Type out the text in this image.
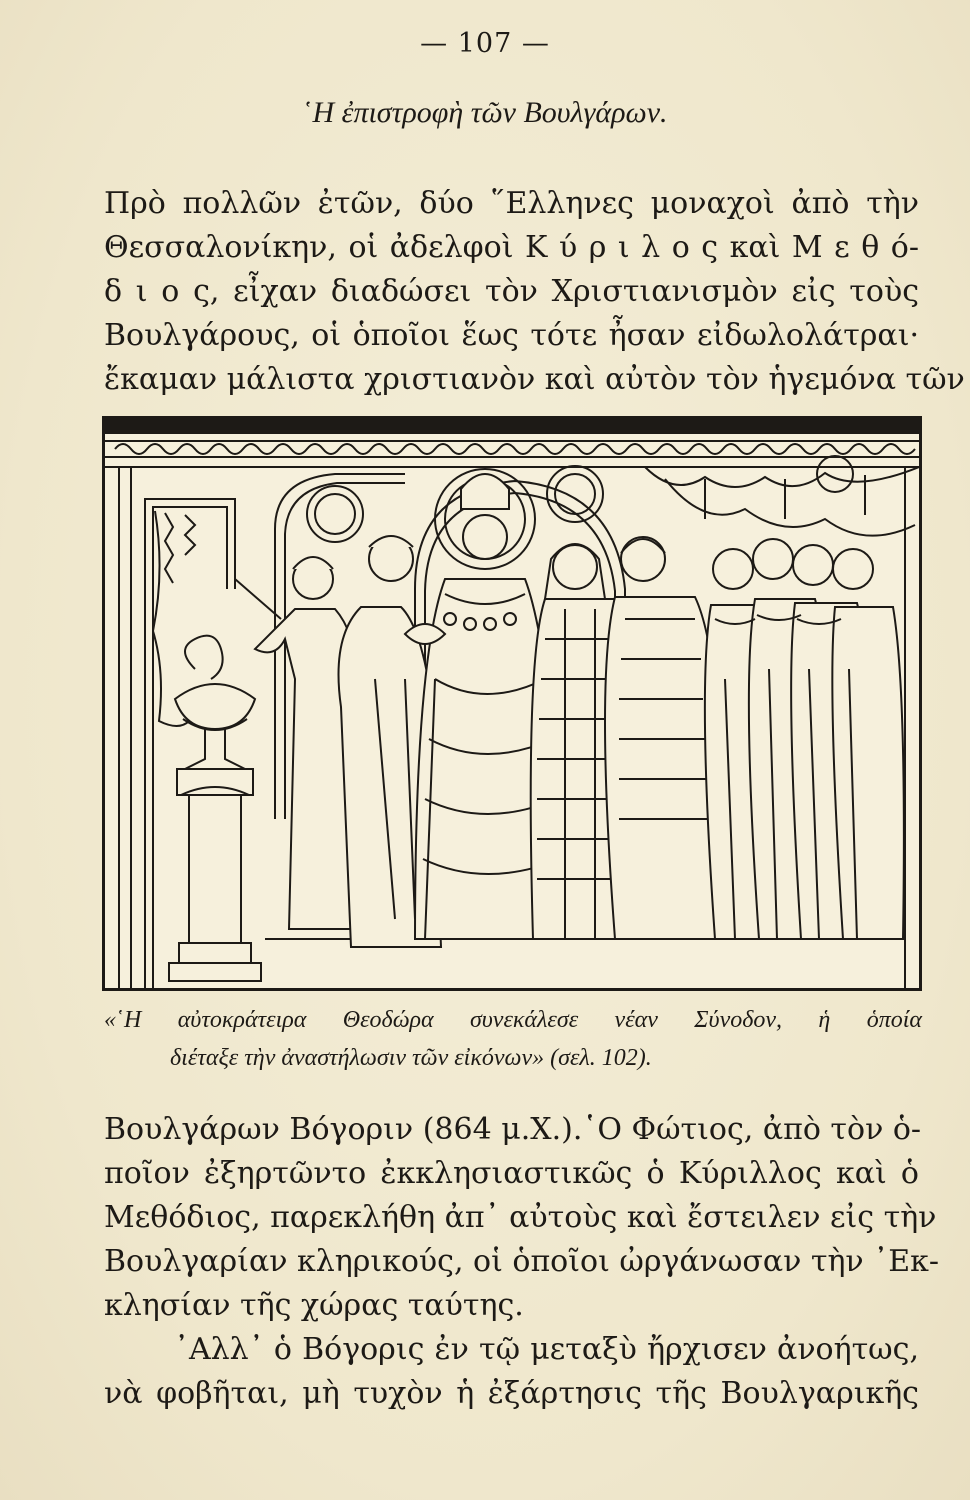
— 107 —
῾Η ἐπιστροφὴ τῶν Βουλγάρων.

Πρὸ πολλῶν ἐτῶν, δύο ῞Ελληνες μοναχοὶ ἀπὸ τὴν
Θεσσαλονίκην, οἱ ἀδελφοὶ Κ ύ ρ ι λ ο ς καὶ Μ ε θ ό-
δ ι ο ς, εἶχαν διαδώσει τὸν Χριστιανισμὸν εἰς τοὺς
Βουλγάρους, οἱ ὁποῖοι ἕως τότε ἦσαν εἰδωλολάτραι·
ἔκαμαν μάλιστα χριστιανὸν καὶ αὐτὸν τὸν ἡγεμόνα τῶν

«῾Η αὐτοκράτειρα Θεοδώρα συνεκάλεσε νέαν Σύνοδον, ἡ ὁποία
διέταξε τὴν ἀναστήλωσιν τῶν εἰκόνων» (σελ. 102).

Βουλγάρων Βόγοριν (864 μ.Χ.).῾Ο Φώτιος, ἀπὸ τὸν ὁ-
ποῖον ἐξηρτῶντο ἐκκλησιαστικῶς ὁ Κύριλλος καὶ ὁ
Μεθόδιος, παρεκλήθη ἀπ᾽ αὐτοὺς καὶ ἔστειλεν εἰς τὴν
Βουλγαρίαν κληρικούς, οἱ ὁποῖοι ὠργάνωσαν τὴν ᾽Εκ-
κλησίαν τῆς χώρας ταύτης.

᾽Αλλ᾽ ὁ Βόγορις ἐν τῷ μεταξὺ ἤρχισεν ἀνοήτως,
νὰ φοβῆται, μὴ τυχὸν ἡ ἐξάρτησις τῆς Βουλγαρικῆς
